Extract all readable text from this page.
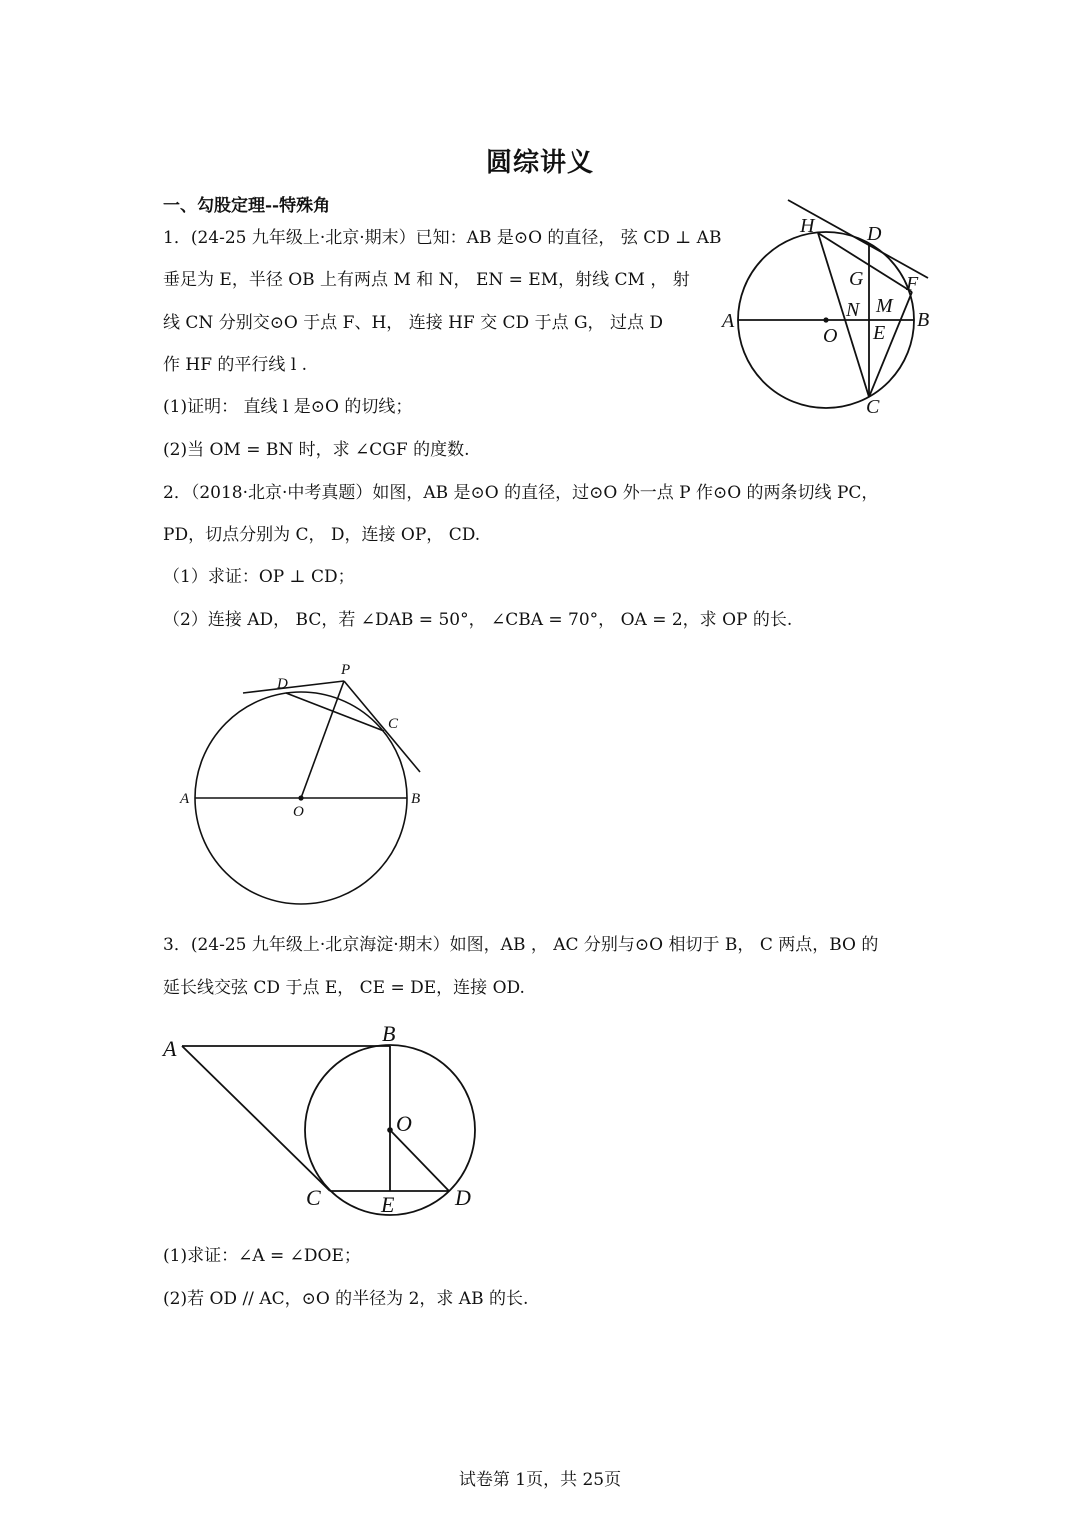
圆综讲义
一、勾股定理--特殊角
1．(24-25 九年级上·北京·期末）已知：AB 是⊙O 的直径， 弦 CD ⊥ AB
垂足为 E，半径 OB 上有两点 M 和 N， EN = EM，射线 CM ， 射
线 CN 分别交⊙O 于点 F、H， 连接 HF 交 CD 于点 G， 过点 D
作 HF 的平行线 l .
(1)证明： 直线 l 是⊙O 的切线；
(2)当 OM = BN 时，求 ∠CGF 的度数.
H	D
G F
N M
A
O E
B
C
2．（2018·北京·中考真题）如图，AB 是⊙O 的直径，过⊙O 外一点 P 作⊙O 的两条切线 PC，
PD，切点分别为 C， D，连接 OP， CD.
（1）求证：OP ⊥ CD；
（2）连接 AD， BC，若 ∠DAB = 50°， ∠CBA = 70°， OA = 2，求 OP 的长.
D
P
C
A
O
B
3．(24-25 九年级上·北京海淀·期末）如图，AB ， AC 分别与⊙O 相切于 B， C 两点，BO 的
延长线交弦 CD 于点 E， CE = DE，连接 OD.
A
B
O
C	E	D
(1)求证：∠A = ∠DOE；
(2)若 OD // AC，⊙O 的半径为 2，求 AB 的长.
试卷第 1页，共 25页
